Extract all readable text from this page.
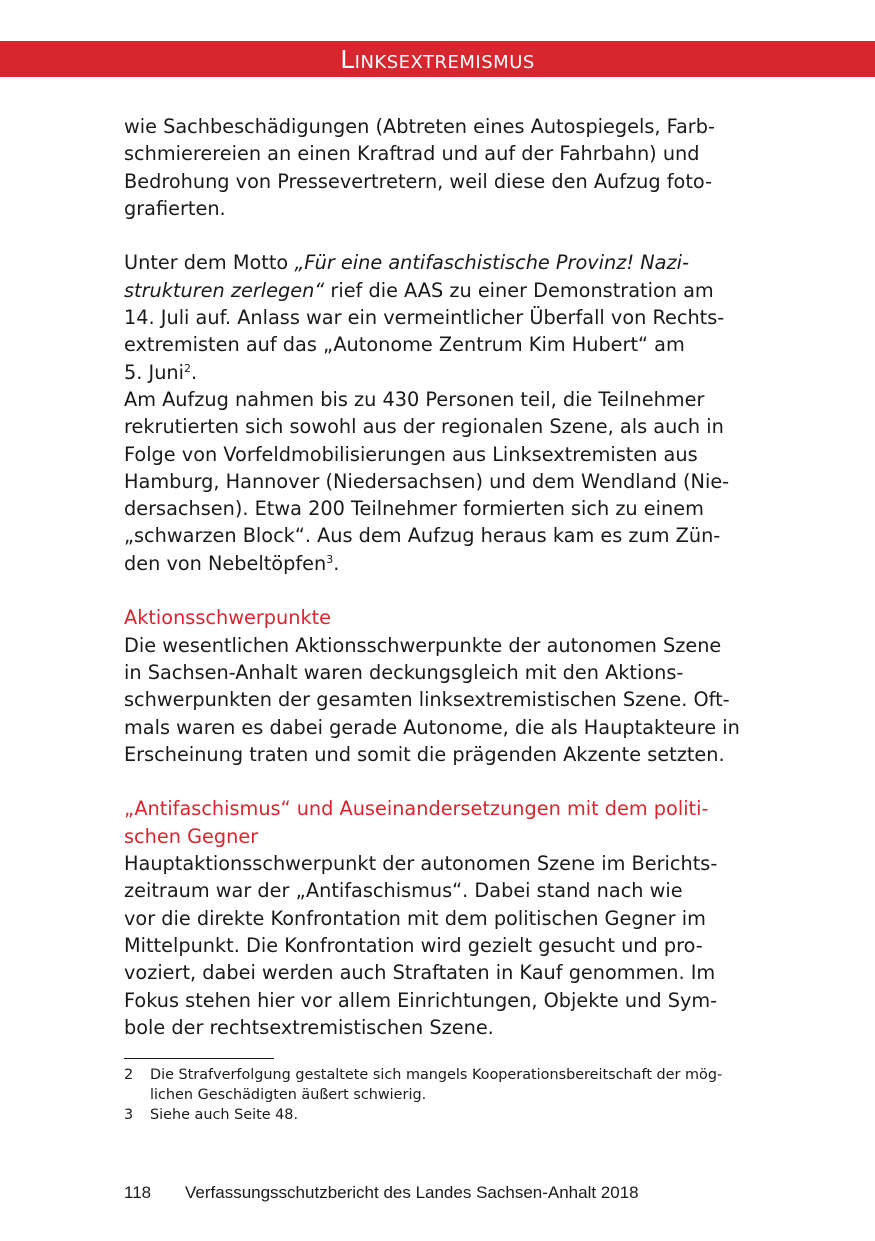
Linksextremismus
wie Sachbeschädigungen (Abtreten eines Autospiegels, Farb-
schmierereien an einen Kraftrad und auf der Fahrbahn) und
Bedrohung von Pressevertretern, weil diese den Aufzug foto-
grafierten.
Unter dem Motto „Für eine antifaschistische Provinz! Nazi-
strukturen zerlegen“ rief die AAS zu einer Demonstration am
14. Juli auf. Anlass war ein vermeintlicher Überfall von Rechts-
extremisten auf das „Autonome Zentrum Kim Hubert“ am
5. Juni$^2$.
Am Aufzug nahmen bis zu 430 Personen teil, die Teilnehmer
rekrutierten sich sowohl aus der regionalen Szene, als auch in
Folge von Vorfeldmobilisierungen aus Linksextremisten aus
Hamburg, Hannover (Niedersachsen) und dem Wendland (Nie-
dersachsen). Etwa 200 Teilnehmer formierten sich zu einem
„schwarzen Block“. Aus dem Aufzug heraus kam es zum Zün-
den von Nebeltöpfen$^3$.
Aktionsschwerpunkte
Die wesentlichen Aktionsschwerpunkte der autonomen Szene
in Sachsen-Anhalt waren deckungsgleich mit den Aktions-
schwerpunkten der gesamten linksextremistischen Szene. Oft-
mals waren es dabei gerade Autonome, die als Hauptakteure in
Erscheinung traten und somit die prägenden Akzente setzten.
„Antifaschismus“ und Auseinandersetzungen mit dem politi-
schen Gegner
Hauptaktionsschwerpunkt der autonomen Szene im Berichts-
zeitraum war der „Antifaschismus“. Dabei stand nach wie
vor die direkte Konfrontation mit dem politischen Gegner im
Mittelpunkt. Die Konfrontation wird gezielt gesucht und pro-
voziert, dabei werden auch Straftaten in Kauf genommen. Im
Fokus stehen hier vor allem Einrichtungen, Objekte und Sym-
bole der rechtsextremistischen Szene.
2	Die Strafverfolgung gestaltete sich mangels Kooperationsbereitschaft der mög-
lichen Geschädigten äußert schwierig.
3	Siehe auch Seite 48.
118 Verfassungsschutzbericht des Landes Sachsen-Anhalt 2018
